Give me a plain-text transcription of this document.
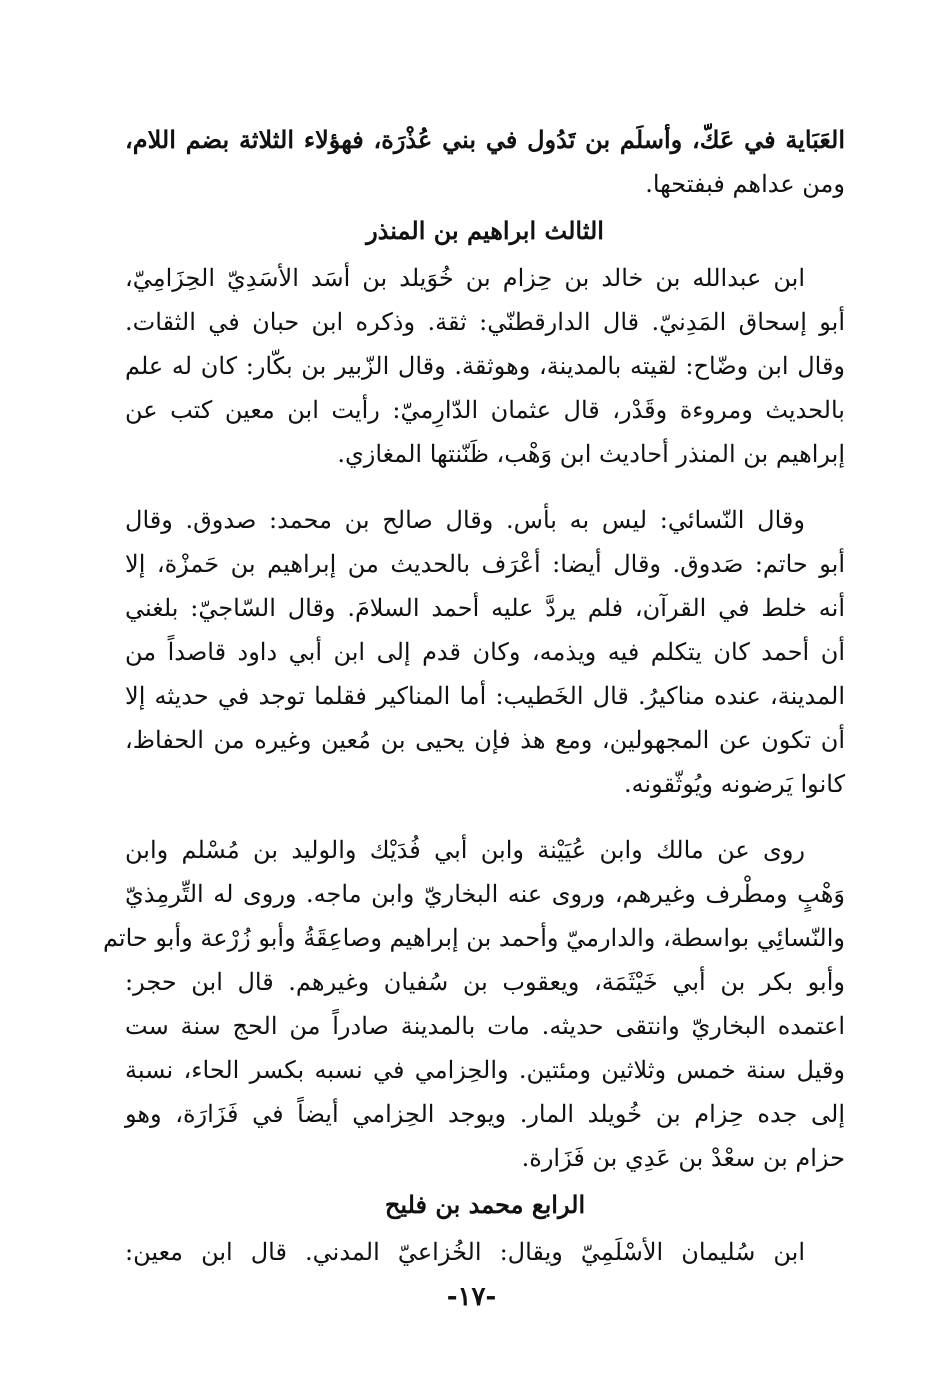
العَبَاية في عَكّ، وأسلَم بن تَدُول في بني عُذْرَة، فهؤلاء الثلاثة بضم اللام،
ومن عداهم فبفتحها.
الثالث ابراهيم بن المنذر
ابن عبدالله بن خالد بن حِزام بن خُوَيلد بن أسَد الأسَدِيّ الحِزَامِيّ،
أبو إسحاق المَدِنيّ. قال الدارقطنّي: ثقة. وذكره ابن حبان في الثقات.
وقال ابن وضّاح: لقيته بالمدينة، وهوثقة. وقال الزّبير بن بكّار: كان له علم
بالحديث ومروءة وقَدْر، قال عثمان الدّارِميّ: رأيت ابن معين كتب عن
إبراهيم بن المنذر أحاديث ابن وَهْب، ظَنّنتها المغازي.
وقال النّسائي: ليس به بأس. وقال صالح بن محمد: صدوق. وقال
أبو حاتم: صَدوق. وقال أيضا: أعْرَف بالحديث من إبراهيم بن حَمزْة، إلا
أنه خلط في القرآن، فلم يردَّ عليه أحمد السلامَ. وقال السّاجيّ: بلغني
أن أحمد كان يتكلم فيه ويذمه، وكان قدم إلى ابن أبي داود قاصداً من
المدينة، عنده مناكيرُ. قال الخَطيب: أما المناكير فقلما توجد في حديثه إلا
أن تكون عن المجهولين، ومع هذ فإن يحيى بن مُعين وغيره من الحفاظ،
كانوا يَرضونه ويُوثّقونه.
روى عن مالك وابن عُيَيْنة وابن أبي فُدَيْك والوليد بن مُسْلم وابن
وَهْبٍ ومطْرف وغيرهم، وروى عنه البخاريّ وابن ماجه. وروى له التِّرمِذيّ
والنّسائِي بواسطة، والدارميّ وأحمد بن إبراهيم وصاعِقَةُ وأبو زُرْعة وأبو حاتم
وأبو بكر بن أبي خَيْثَمَة، ويعقوب بن سُفيان وغيرهم. قال ابن حجر:
اعتمده البخاريّ وانتقى حديثه. مات بالمدينة صادراً من الحج سنة ست
وقيل سنة خمس وثلاثين ومئتين. والحِزامي في نسبه بكسر الحاء، نسبة
إلى جده حِزام بن خُويلد المار. ويوجد الحِزامي أيضاً في فَزَارَة، وهو
حزام بن سعْدْ بن عَدِي بن فَزَارة.
الرابع محمد بن فليح
ابن سُليمان الأسْلَمِيّ ويقال: الخُزاعيّ المدني. قال ابن معين:
-١٧-
